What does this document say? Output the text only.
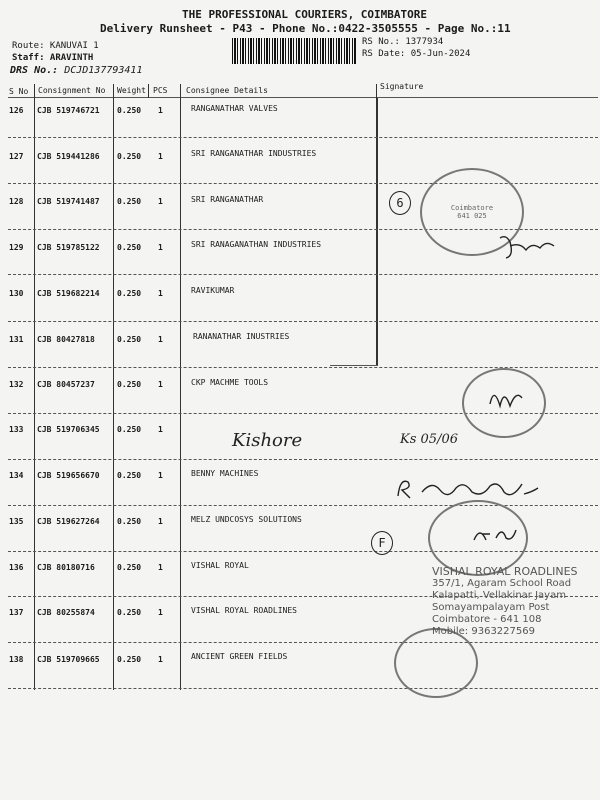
THE PROFESSIONAL COURIERS, COIMBATORE
Delivery Runsheet - P43 - Phone No.:0422-3505555 - Page No.:11
Route: KANUVAI 1
Staff: ARAVINTH
DRS No.: DCJD137793411
RS No.: 1377934
RS Date: 05-Jun-2024
S No Consignment No Weight PCS Consignee Details	Signature
126 CJB 519746721 0.250 1	RANGANATHAR VALVES
127 CJB 519441286 0.250 1	SRI RANGANATHAR INDUSTRIES
128 CJB 519741487 0.250 1	SRI RANGANATHAR
129 CJB 519785122 0.250 1	SRI RANAGANATHAN INDUSTRIES
130 CJB 519682214 0.250 1	RAVIKUMAR
131 CJB 80427818	0.250 1	RANANATHAR INUSTRIES
132 CJB 80457237	0.250 1	CKP MACHME TOOLS
133 CJB 519706345 0.250 1
134 CJB 519656670 0.250 1	BENNY MACHINES
135 CJB 519627264 0.250 1	MELZ UNDCOSYS SOLUTIONS
136 CJB 80180716	0.250 1	VISHAL ROYAL
137 CJB 80255874	0.250 1	VISHAL ROYAL ROADLINES
138 CJB 519709665 0.250 1	ANCIENT GREEN FIELDS
Kishore	Ks 05/06
6
F
Coimbatore 641 025
VISHAL ROYAL ROADLINES
357/1, Agaram School Road
Kalapatti, Vellakinar Jayam
Somayampalayam Post
Coimbatore - 641 108
Mobile: 9363227569
